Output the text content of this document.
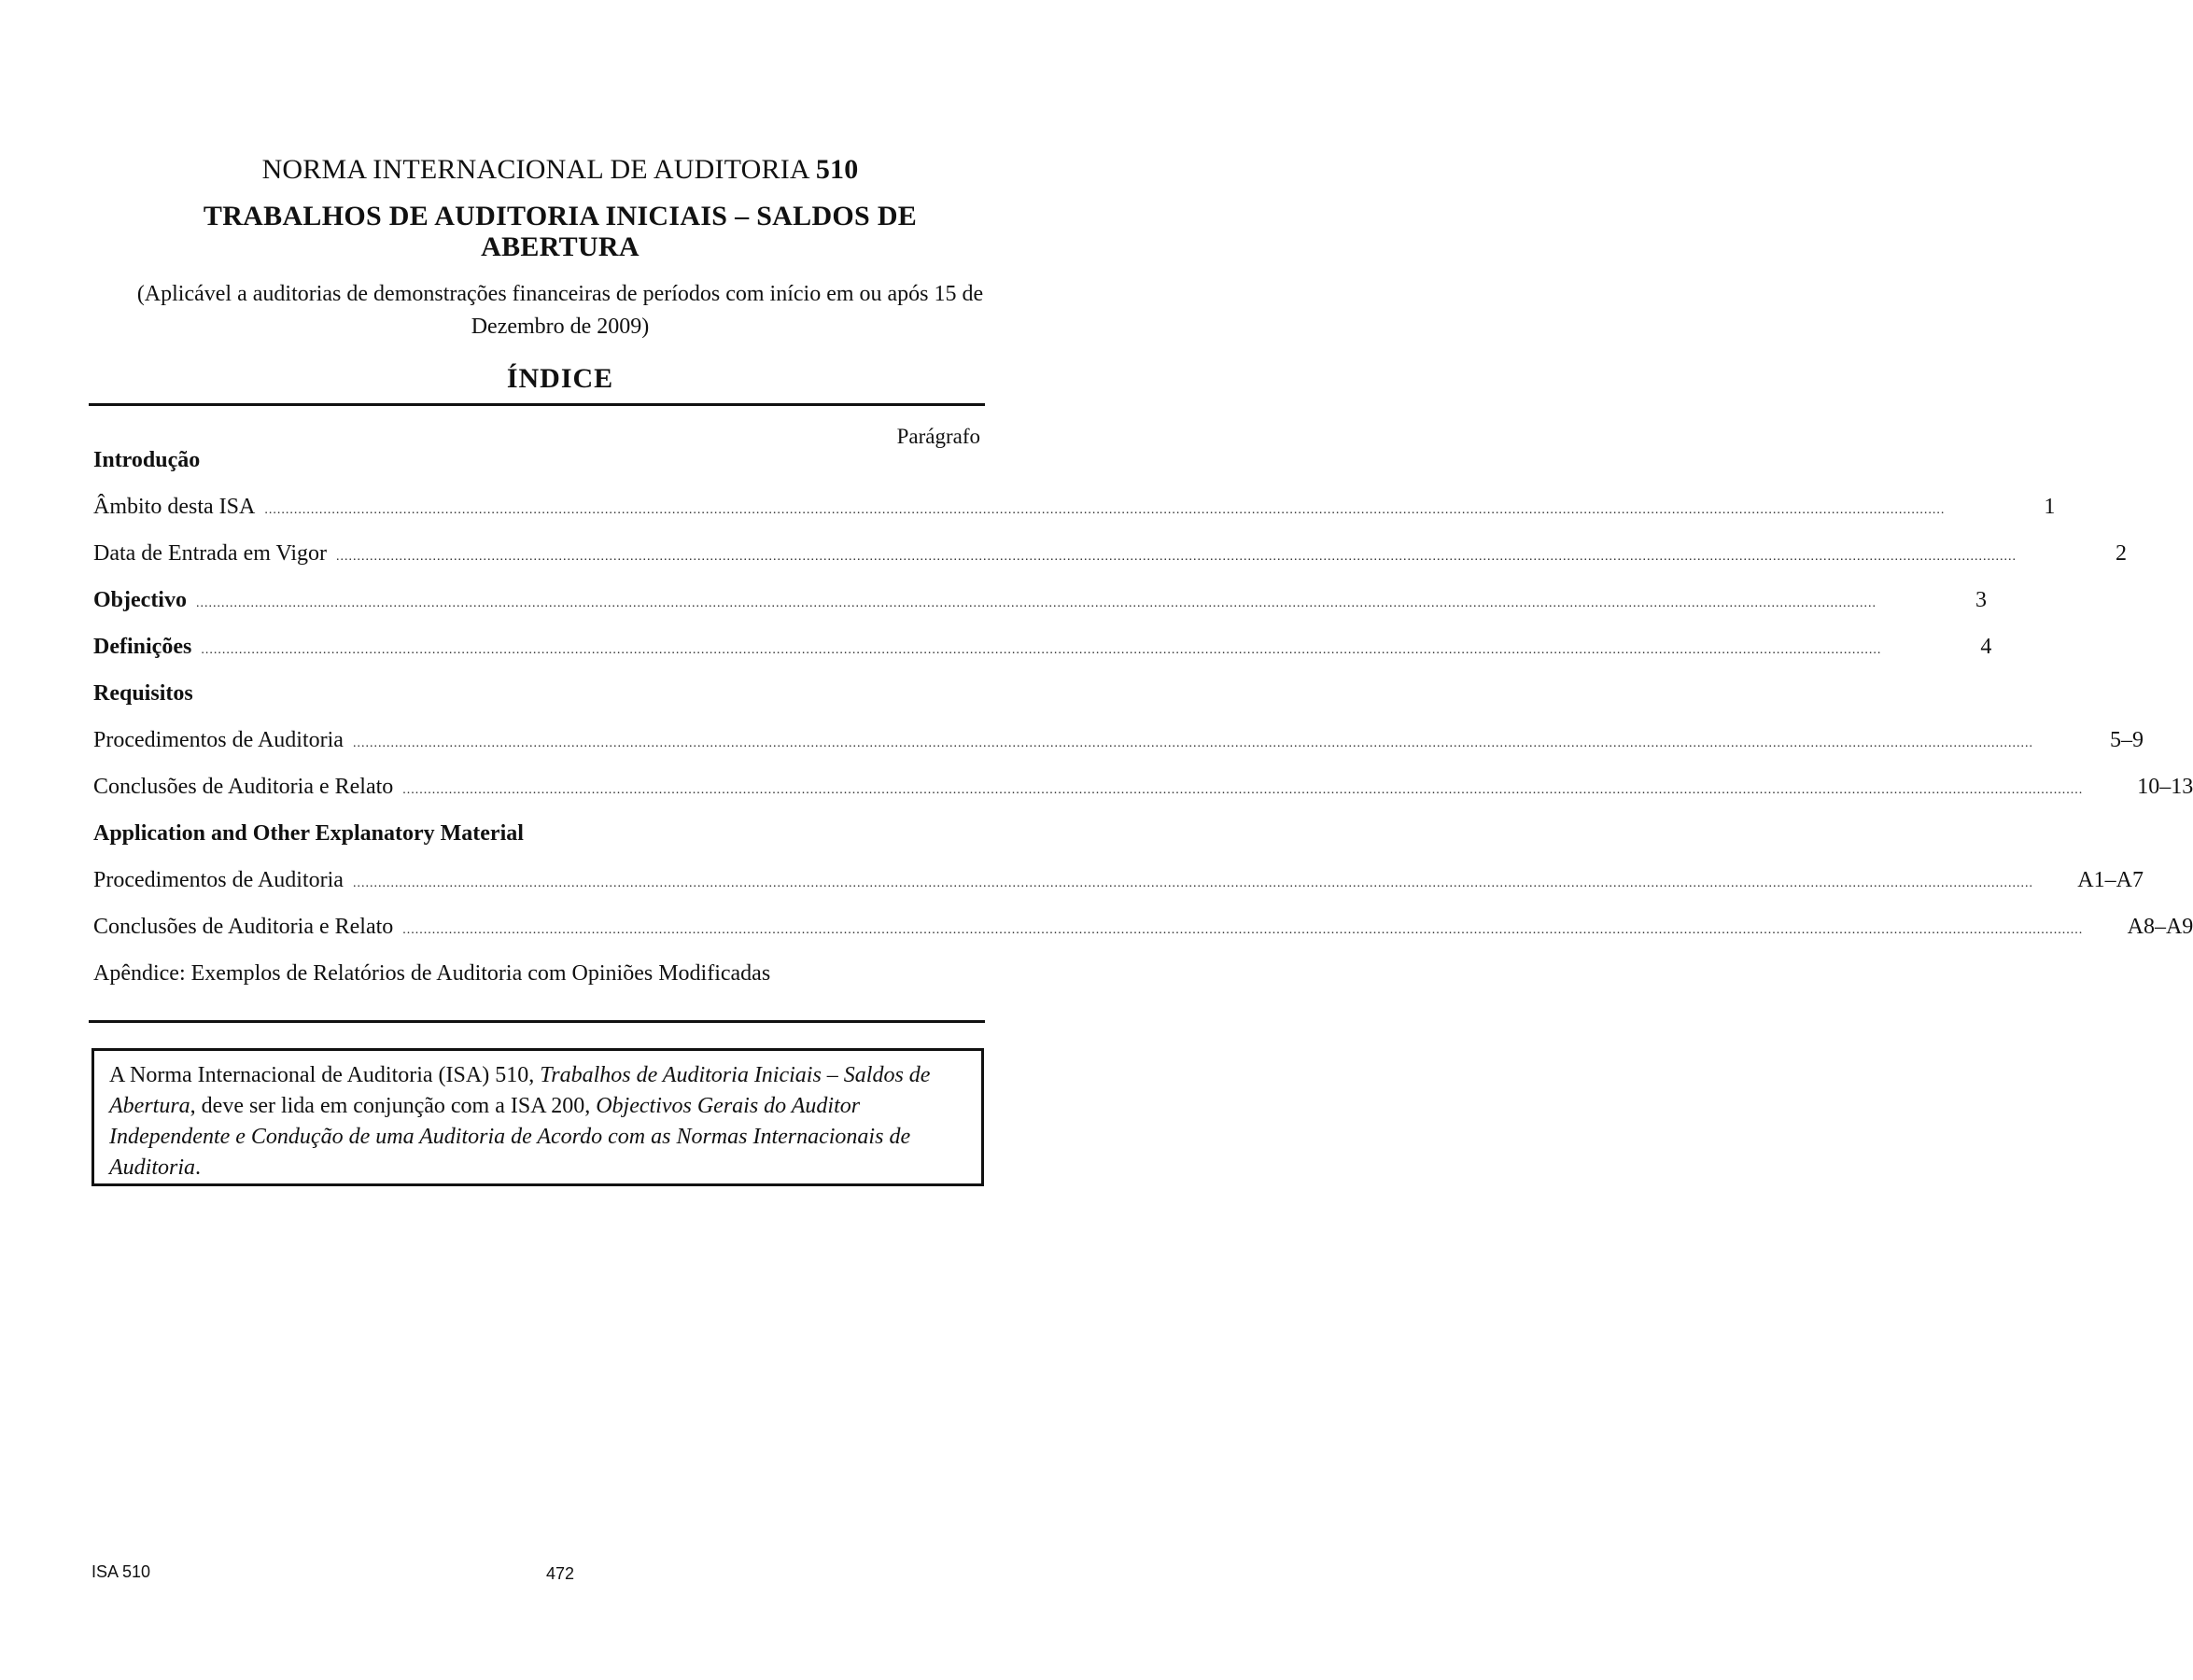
NORMA INTERNACIONAL DE AUDITORIA 510
TRABALHOS DE AUDITORIA INICIAIS – SALDOS DE ABERTURA
(Aplicável a auditorias de demonstrações financeiras de períodos com início em ou após 15 de Dezembro de 2009)
ÍNDICE
Parágrafo
Introdução
Âmbito desta ISA ................................................................................................................................................................................................................................................................................................................................................................................................................	1
Data de Entrada em Vigor ................................................................................................................................................................................................................................................................................................................................................................................................................	2
Objectivo ................................................................................................................................................................................................................................................................................................................................................................................................................	3
Definições ................................................................................................................................................................................................................................................................................................................................................................................................................	4
Requisitos
Procedimentos de Auditoria ................................................................................................................................................................................................................................................................................................................................................................................................................	5–9
Conclusões de Auditoria e Relato ................................................................................................................................................................................................................................................................................................................................................................................................................	10–13
Application and Other Explanatory Material
Procedimentos de Auditoria ................................................................................................................................................................................................................................................................................................................................................................................................................	A1–A7
Conclusões de Auditoria e Relato ................................................................................................................................................................................................................................................................................................................................................................................................................	A8–A9
Apêndice: Exemplos de Relatórios de Auditoria com Opiniões Modificadas
A Norma Internacional de Auditoria (ISA) 510, Trabalhos de Auditoria Iniciais – Saldos de Abertura, deve ser lida em conjunção com a ISA 200, Objectivos Gerais do Auditor Independente e Condução de uma Auditoria de Acordo com as Normas Internacionais de Auditoria.
ISA 510	472
